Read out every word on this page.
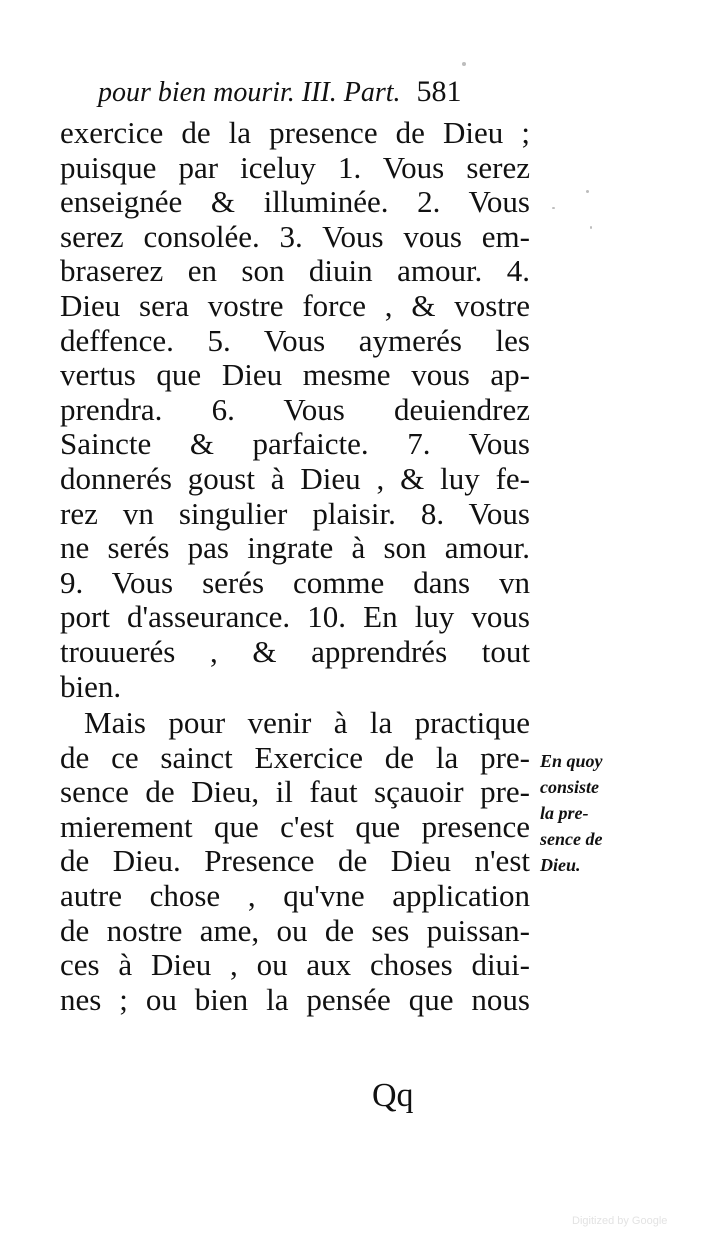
pour bien mourir. III. Part. 581
exercice de la presence de Dieu ;
puisque par iceluy 1. Vous serez
enseignée & illuminée. 2. Vous
serez consolée. 3. Vous vous em-
braserez en son diuin amour. 4.
Dieu sera vostre force , & vostre
deffence. 5. Vous aymerés les
vertus que Dieu mesme vous ap-
prendra. 6. Vous deuiendrez
Saincte & parfaicte. 7. Vous
donnerés goust à Dieu , & luy fe-
rez vn singulier plaisir. 8. Vous
ne serés pas ingrate à son amour.
9. Vous serés comme dans vn
port d'asseurance. 10. En luy vous
trouuerés , & apprendrés tout
bien.
Mais pour venir à la practique
de ce sainct Exercice de la pre-
sence de Dieu, il faut sçauoir pre-
mierement que c'est que presence
de Dieu. Presence de Dieu n'est
autre chose , qu'vne application
de nostre ame, ou de ses puissan-
ces à Dieu , ou aux choses diui-
nes ; ou bien la pensée que nous
En quoy
consiste
la pre-
sence de
Dieu.
Qq
Digitized by Google
